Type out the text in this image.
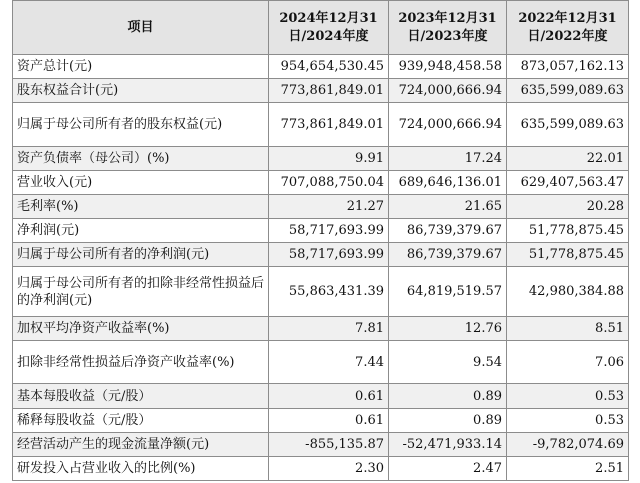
项目	2024年12月31日/2024年度	2023年12月31日/2023年度	2022年12月31日/2022年度
资产总计(元)	954,654,530.45	939,948,458.58	873,057,162.13
股东权益合计(元)	773,861,849.01	724,000,666.94	635,599,089.63
归属于母公司所有者的股东权益(元)	773,861,849.01	724,000,666.94	635,599,089.63
资产负债率（母公司）(%)	9.91	17.24	22.01
营业收入(元)	707,088,750.04	689,646,136.01	629,407,563.47
毛利率(%)	21.27	21.65	20.28
净利润(元)	58,717,693.99	86,739,379.67	51,778,875.45
归属于母公司所有者的净利润(元)	58,717,693.99	86,739,379.67	51,778,875.45
归属于母公司所有者的扣除非经常性损益后的净利润(元)	55,863,431.39	64,819,519.57	42,980,384.88
加权平均净资产收益率(%)	7.81	12.76	8.51
扣除非经常性损益后净资产收益率(%)	7.44	9.54	7.06
基本每股收益（元/股）	0.61	0.89	0.53
稀释每股收益（元/股）	0.61	0.89	0.53
经营活动产生的现金流量净额(元)	-855,135.87	-52,471,933.14	-9,782,074.69
研发投入占营业收入的比例(%)	2.30	2.47	2.51
